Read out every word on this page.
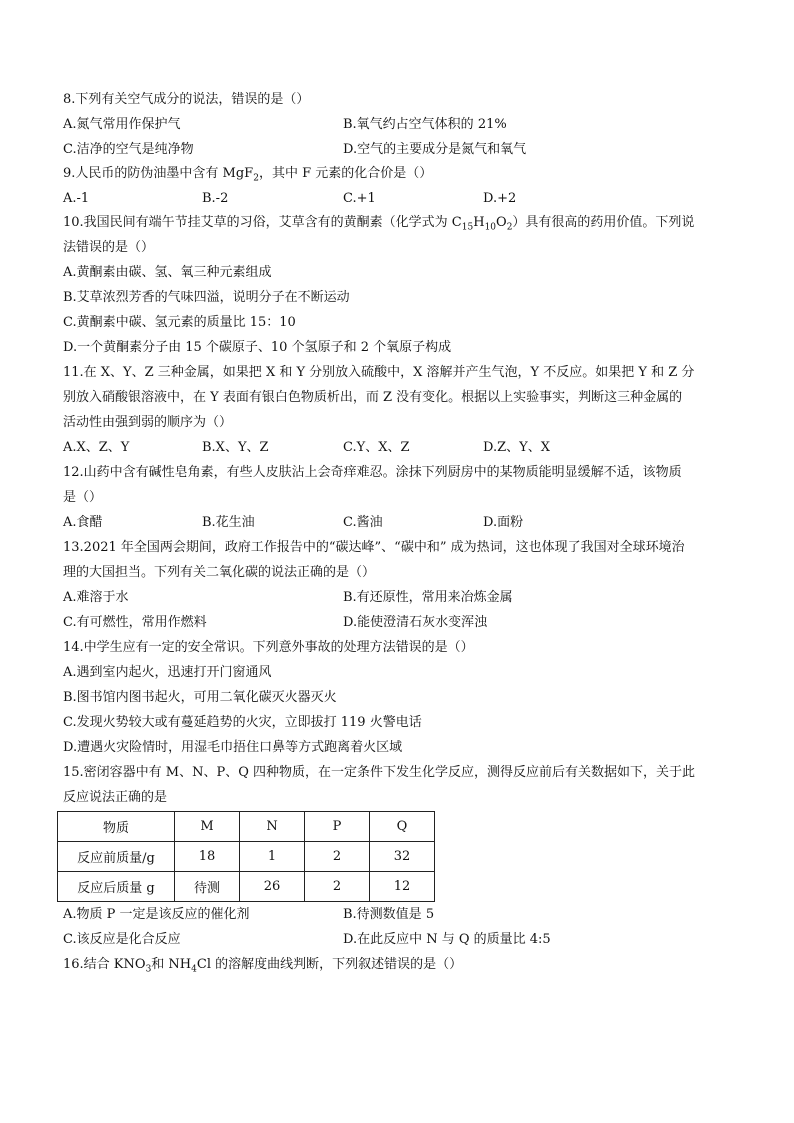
8.下列有关空气成分的说法，错误的是（）
A.氮气常用作保护气	B.氧气约占空气体积的 21%
C.洁净的空气是纯净物	D.空气的主要成分是氮气和氧气
9.人民币的防伪油墨中含有 MgF$_2$，其中 F 元素的化合价是（）
A.-1	B.-2	C.+1	D.+2
10.我国民间有端午节挂艾草的习俗，艾草含有的黄酮素（化学式为 $C_{15}H_{10}O_2$）具有很高的药用价值。下列说
法错误的是（）
A.黄酮素由碳、氢、氧三种元素组成
B.艾草浓烈芳香的气味四溢，说明分子在不断运动
C.黄酮素中碳、氢元素的质量比 15：10
D.一个黄酮素分子由 15 个碳原子、10 个氢原子和 2 个氧原子构成
11.在 X、Y、Z 三种金属，如果把 X 和 Y 分别放入硫酸中，X 溶解并产生气泡，Y 不反应。如果把 Y 和 Z 分
别放入硝酸银溶液中，在 Y 表面有银白色物质析出，而 Z 没有变化。根据以上实验事实，判断这三种金属的
活动性由强到弱的顺序为（）
A.X、Z、Y	B.X、Y、Z	C.Y、X、Z	D.Z、Y、X
12.山药中含有碱性皂角素，有些人皮肤沾上会奇痒难忍。涂抹下列厨房中的某物质能明显缓解不适，该物质
是（）
A.食醋	B.花生油	C.酱油	D.面粉
13.2021 年全国两会期间，政府工作报告中的“碳达峰”、“碳中和” 成为热词，这也体现了我国对全球环境治
理的大国担当。下列有关二氧化碳的说法正确的是（）
A.难溶于水	B.有还原性，常用来冶炼金属
C.有可燃性，常用作燃料	D.能使澄清石灰水变浑浊
14.中学生应有一定的安全常识。下列意外事故的处理方法错误的是（）
A.遇到室内起火，迅速打开门窗通风
B.图书馆内图书起火，可用二氧化碳灭火器灭火
C.发现火势较大或有蔓延趋势的火灾，立即拔打 119 火警电话
D.遭遇火灾险情时，用湿毛巾捂住口鼻等方式跑离着火区域
15.密闭容器中有 M、N、P、Q 四种物质，在一定条件下发生化学反应，测得反应前后有关数据如下，关于此
反应说法正确的是
物质	M	N	P	Q
反应前质量/g	18	1	2	32
反应后质量 g	待测	26	2	12
A.物质 P 一定是该反应的催化剂	B.待测数值是 5
C.该反应是化合反应	D.在此反应中 N 与 Q 的质量比 4:5
16.结合 $KNO_3$和 $NH_4Cl$ 的溶解度曲线判断，下列叙述错误的是（）
